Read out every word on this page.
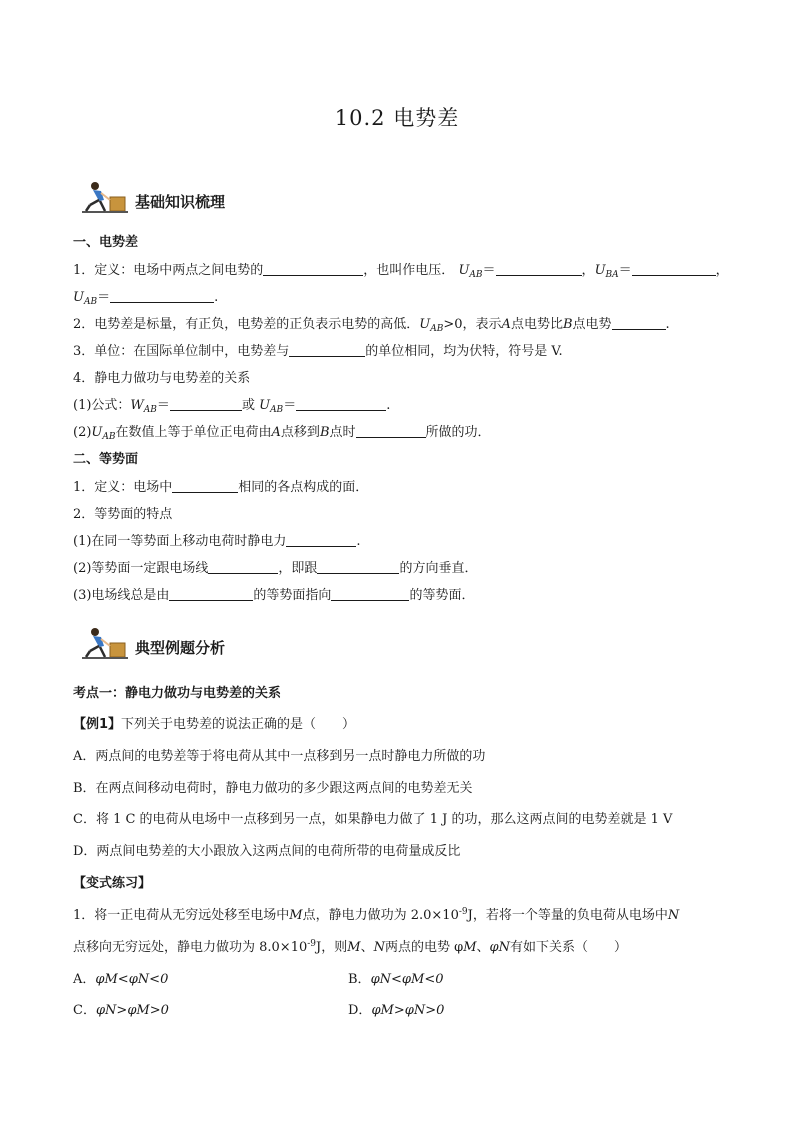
10.2 电势差
基础知识梳理
一、电势差
1．定义：电场中两点之间电势的	，也叫作电压． $U_{AB}=$	，$U_{BA}=$	，
$U_{AB}=$	.
2．电势差是标量，有正负，电势差的正负表示电势的高低．$U_{AB}>0$，表示A点电势比B点电势	.
3．单位：在国际单位制中，电势差与	的单位相同，均为伏特，符号是 V.
4．静电力做功与电势差的关系
(1)公式：$W_{AB}=$	或 $U_{AB}=$	.
$(2)U_{AB}$在数值上等于单位正电荷由A点移到B点时	所做的功．
二、等势面
1．定义：电场中	相同的各点构成的面．
2．等势面的特点
(1)在同一等势面上移动电荷时静电力	.
(2)等势面一定跟电场线	，即跟	的方向垂直．
(3)电场线总是由	的等势面指向	的等势面．
典型例题分析
考点一：静电力做功与电势差的关系
【例1】下列关于电势差的说法正确的是（　　）
A．两点间的电势差等于将电荷从其中一点移到另一点时静电力所做的功
B．在两点间移动电荷时，静电力做功的多少跟这两点间的电势差无关
C．将 1 C 的电荷从电场中一点移到另一点，如果静电力做了 1 J 的功，那么这两点间的电势差就是 1 V
D．两点间电势差的大小跟放入这两点间的电荷所带的电荷量成反比
【变式练习】
1．将一正电荷从无穷远处移至电场中M点，静电力做功为 $2.0\times 10^{-9}J$，若将一个等量的负电荷从电场中N
点移向无穷远处，静电力做功为 $8.0\times 10^{-9}J$，则M、N两点的电势 φM、φN有如下关系（　　）
A．φM<φN<0	B．φN<φM<0
C．φN>φM>0	D．φM>φN>0
